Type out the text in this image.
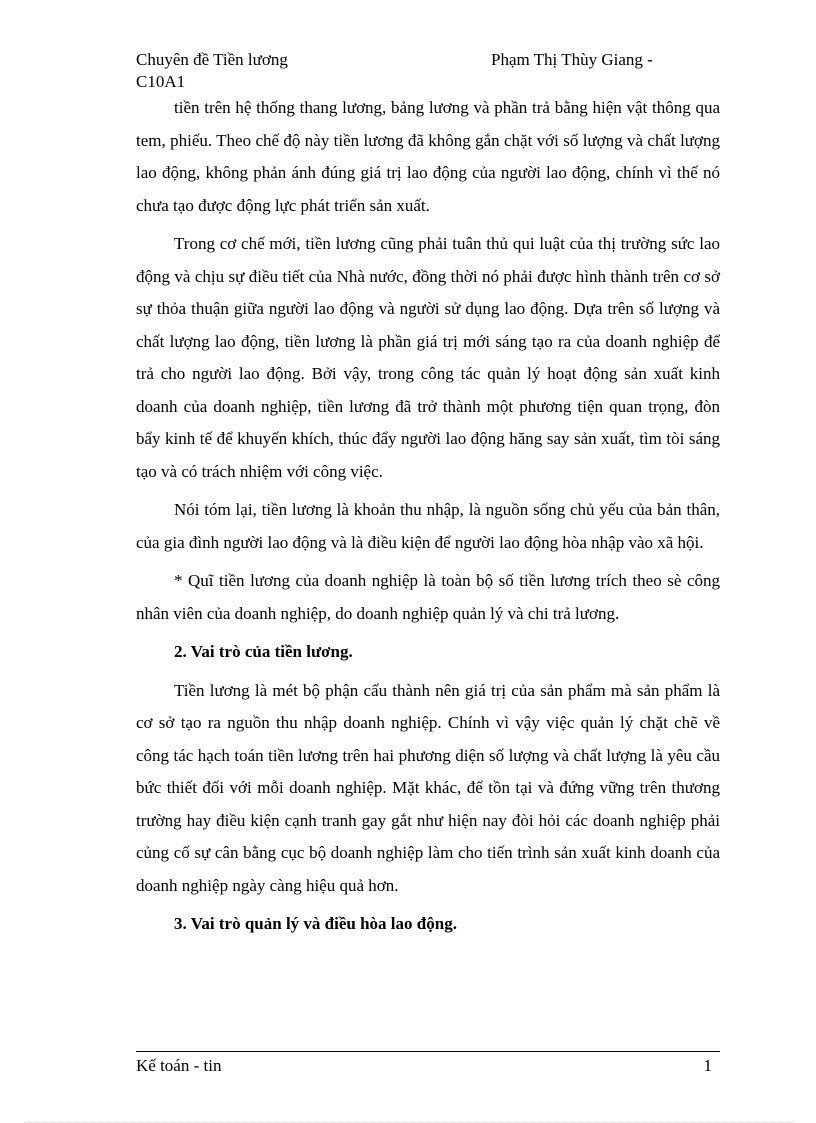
Chuyên đề Tiền lương	Phạm Thị Thùy Giang -
C10A1

tiền trên hệ thống thang lương, bảng lương và phần trả bằng hiện vật thông qua tem, phiếu. Theo chế độ này tiền lương đã không gắn chặt với số lượng và chất lượng lao động, không phản ánh đúng giá trị lao động của người lao động, chính vì thế nó chưa tạo được động lực phát triển sản xuất.

Trong cơ chế mới, tiền lương cũng phải tuân thủ qui luật của thị trường sức lao động và chịu sự điều tiết của Nhà nước, đồng thời nó phải được hình thành trên cơ sở sự thỏa thuận giữa người lao động và người sử dụng lao động. Dựa trên số lượng và chất lượng lao động, tiền lương là phần giá trị mới sáng tạo ra của doanh nghiệp để trả cho người lao động. Bởi vậy, trong công tác quản lý hoạt động sản xuất kinh doanh của doanh nghiệp, tiền lương đã trở thành một phương tiện quan trọng, đòn bẩy kinh tế để khuyến khích, thúc đẩy người lao động hăng say sản xuất, tìm tòi sáng tạo và có trách nhiệm với công việc.

Nói tóm lại, tiền lương là khoản thu nhập, là nguồn sống chủ yếu của bản thân, của gia đình người lao động và là điều kiện để người lao động hòa nhập vào xã hội.

* Quĩ tiền lương của doanh nghiệp là toàn bộ số tiền lương trích theo sè công nhân viên của doanh nghiệp, do doanh nghiệp quản lý và chi trả lương.

2. Vai trò của tiền lương.

Tiền lương là mét bộ phận cấu thành nên giá trị của sản phẩm mà sản phẩm là cơ sở tạo ra nguồn thu nhập doanh nghiệp. Chính vì vậy việc quản lý chặt chẽ về công tác hạch toán tiền lương trên hai phương diện số lượng và chất lượng là yêu cầu bức thiết đối với mỗi doanh nghiệp. Mặt khác, để tồn tại và đứng vững trên thương trường hay điều kiện cạnh tranh gay gắt như hiện nay đòi hỏi các doanh nghiệp phải củng cố sự cân bằng cục bộ doanh nghiệp làm cho tiến trình sản xuất kinh doanh của doanh nghiệp ngày càng hiệu quả hơn.

3. Vai trò quản lý và điều hòa lao động.
Kế toán - tin	1
